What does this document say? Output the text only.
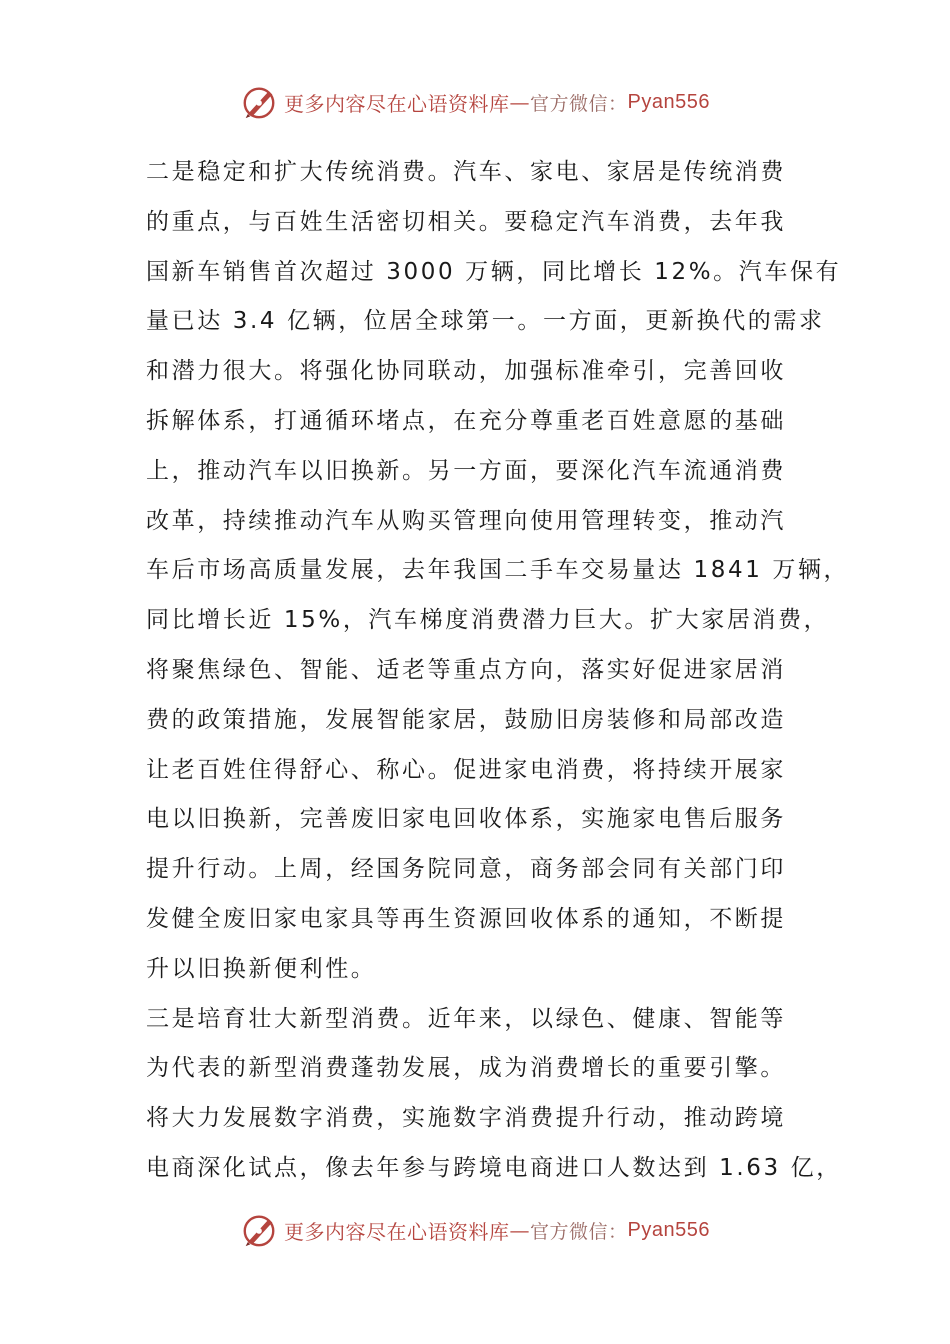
更多内容尽在心语资料库 — 官方微信： Pyan556
二是稳定和扩大传统消费。汽车、家电、家居是传统消费
的重点，与百姓生活密切相关。要稳定汽车消费，去年我
国新车销售首次超过 3000 万辆，同比增长 12%。汽车保有
量已达 3.4 亿辆，位居全球第一。一方面，更新换代的需求
和潜力很大。将强化协同联动，加强标准牵引，完善回收
拆解体系，打通循环堵点，在充分尊重老百姓意愿的基础
上，推动汽车以旧换新。另一方面，要深化汽车流通消费
改革，持续推动汽车从购买管理向使用管理转变，推动汽
车后市场高质量发展，去年我国二手车交易量达 1841 万辆，
同比增长近 15%，汽车梯度消费潜力巨大。扩大家居消费，
将聚焦绿色、智能、适老等重点方向，落实好促进家居消
费的政策措施，发展智能家居，鼓励旧房装修和局部改造
让老百姓住得舒心、称心。促进家电消费，将持续开展家
电以旧换新，完善废旧家电回收体系，实施家电售后服务
提升行动。上周，经国务院同意，商务部会同有关部门印
发健全废旧家电家具等再生资源回收体系的通知，不断提
升以旧换新便利性。
三是培育壮大新型消费。近年来，以绿色、健康、智能等
为代表的新型消费蓬勃发展，成为消费增长的重要引擎。
将大力发展数字消费，实施数字消费提升行动，推动跨境
电商深化试点，像去年参与跨境电商进口人数达到 1.63 亿，
更多内容尽在心语资料库 — 官方微信： Pyan556
